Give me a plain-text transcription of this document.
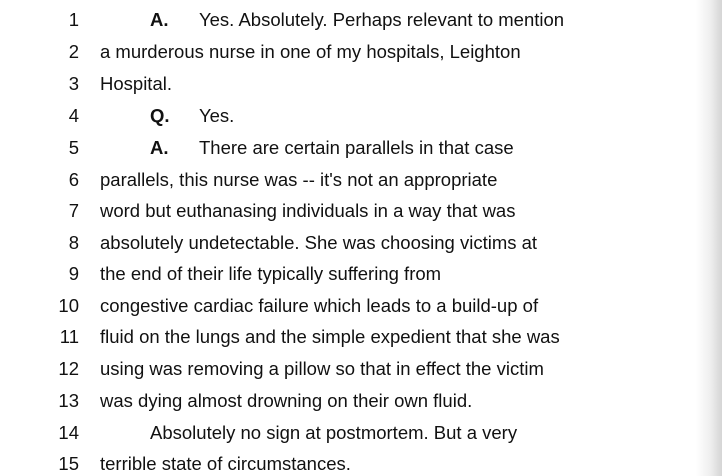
1	A. Yes. Absolutely. Perhaps relevant to mention
2 a murderous nurse in one of my hospitals, Leighton
3 Hospital.
4	Q. Yes.
5	A. There are certain parallels in that case
6 parallels, this nurse was -- it's not an appropriate
7 word but euthanasing individuals in a way that was
8 absolutely undetectable. She was choosing victims at
9 the end of their life typically suffering from
10 congestive cardiac failure which leads to a build-up of
11 fluid on the lungs and the simple expedient that she was
12 using was removing a pillow so that in effect the victim
13 was dying almost drowning on their own fluid.
14	Absolutely no sign at postmortem. But a very
15 terrible state of circumstances.
